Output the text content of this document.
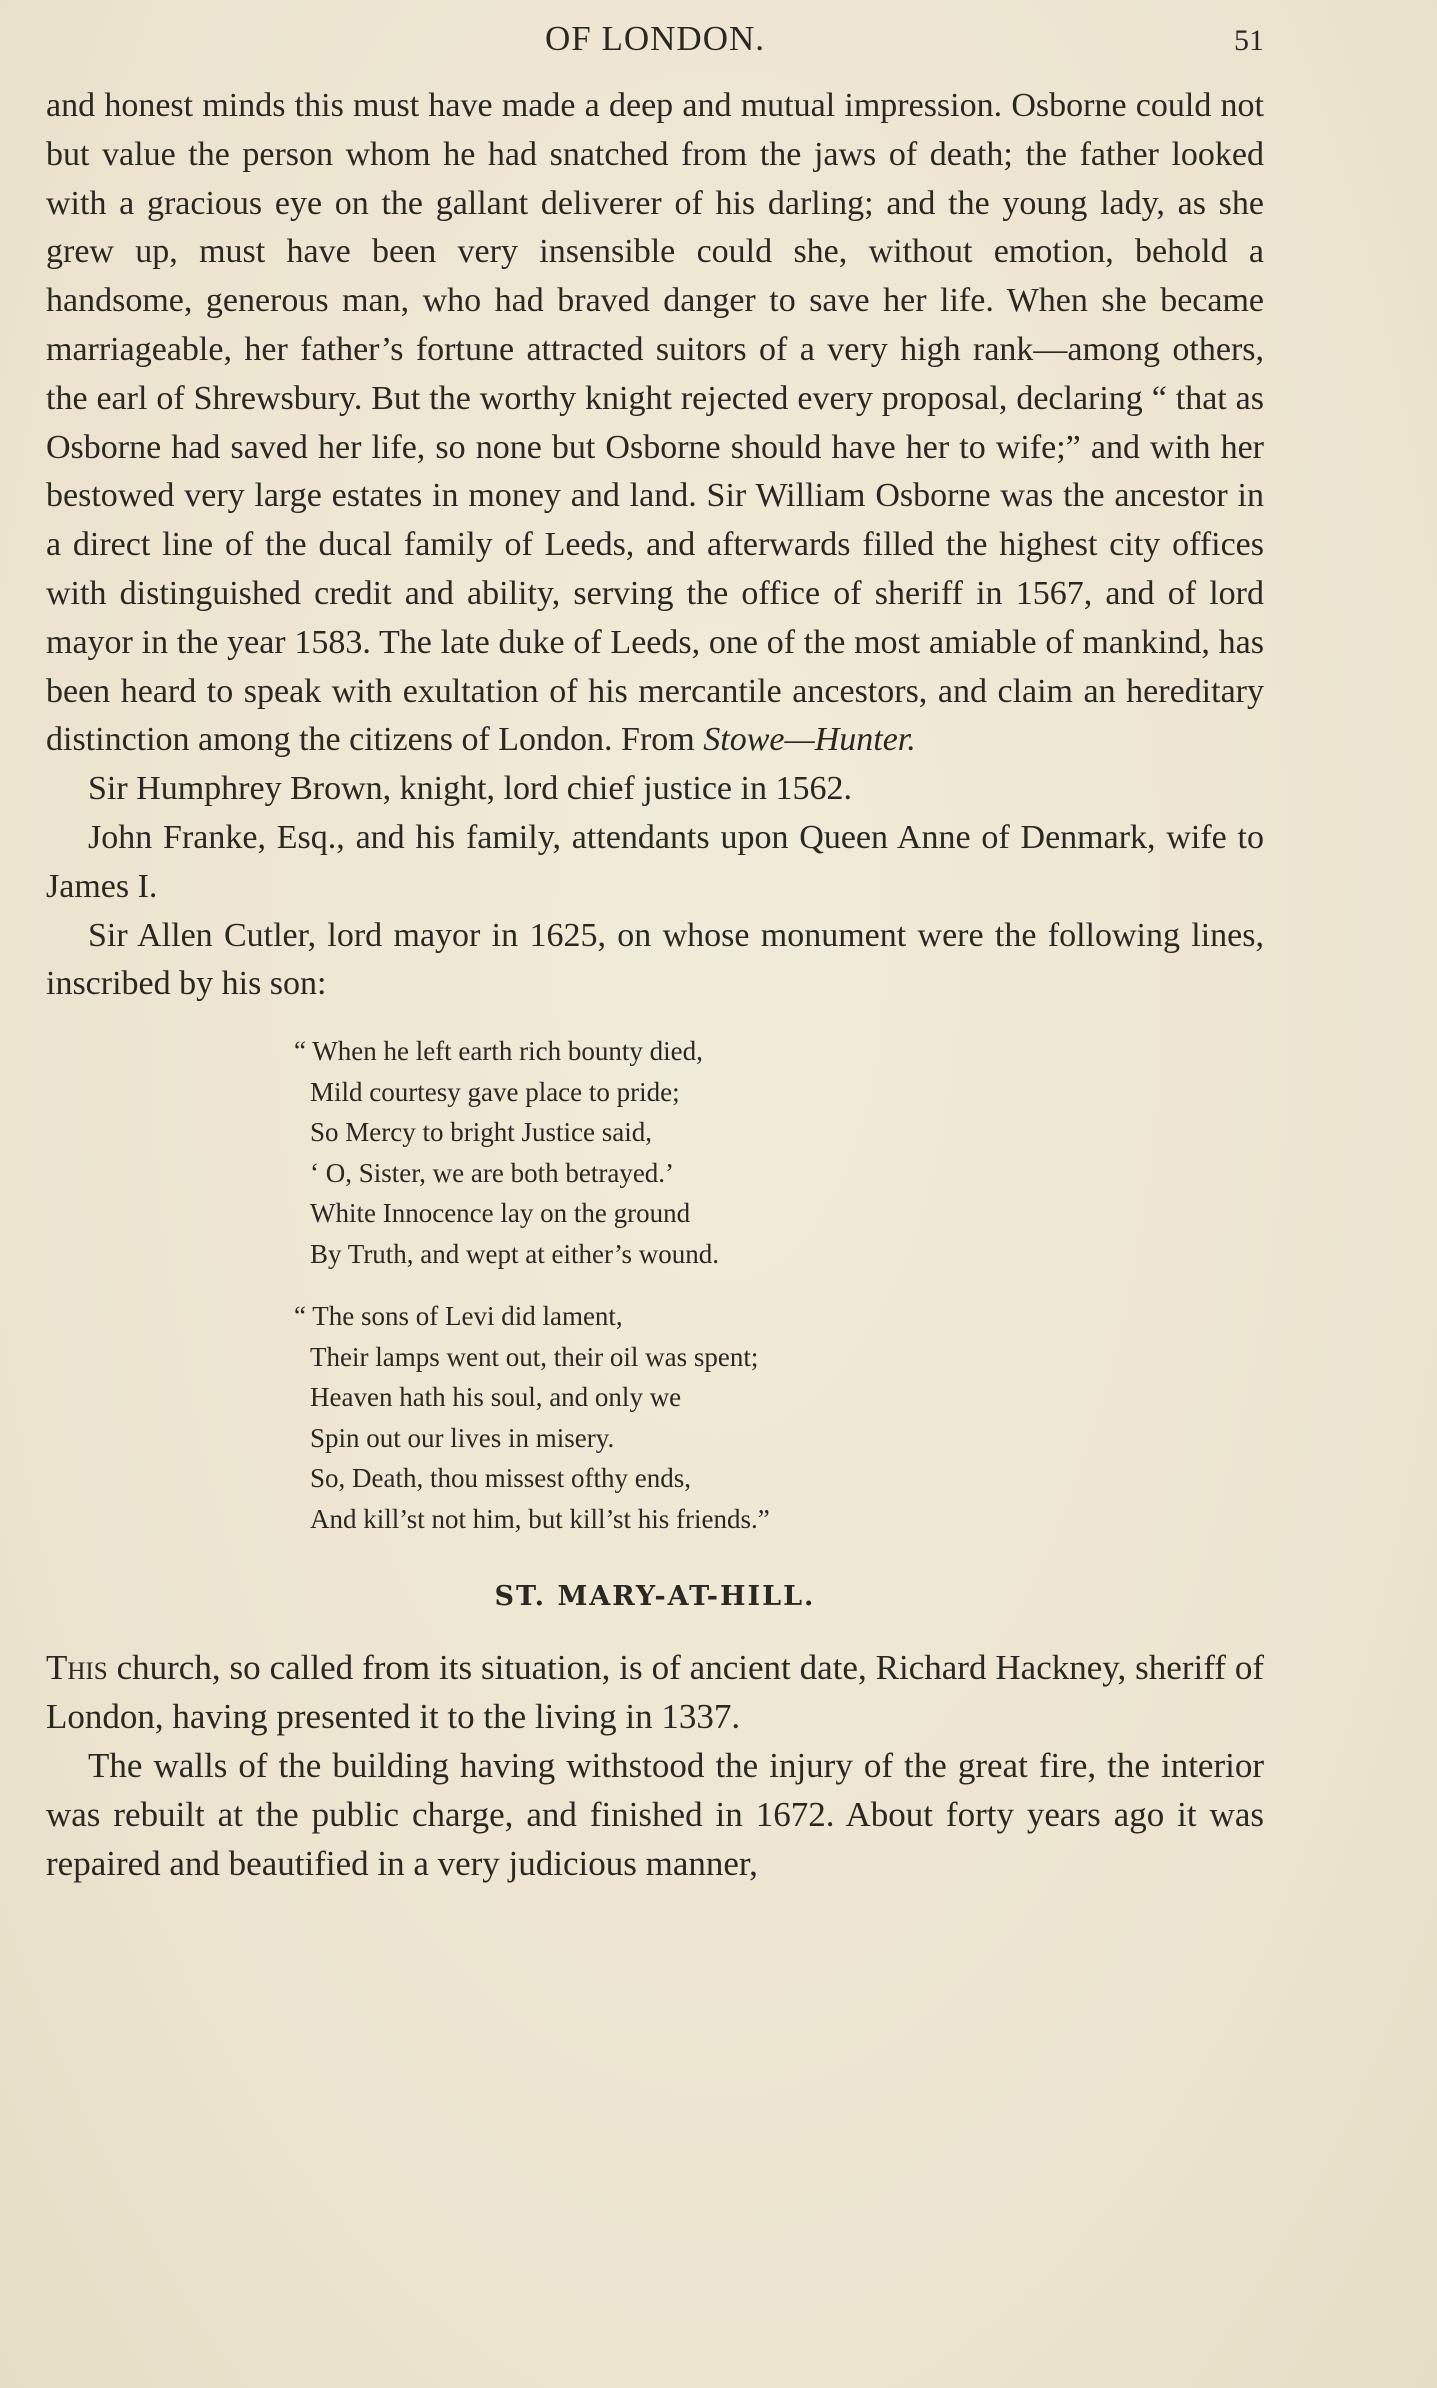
OF LONDON.	51

and honest minds this must have made a deep and mutual impression. Osborne could not but value the person whom he had snatched from the jaws of death; the father looked with a gracious eye on the gallant deliverer of his darling; and the young lady, as she grew up, must have been very insensible could she, without emotion, behold a handsome, generous man, who had braved danger to save her life. When she became marriageable, her father’s fortune attracted suitors of a very high rank—among others, the earl of Shrewsbury. But the worthy knight rejected every proposal, declaring “ that as Osborne had saved her life, so none but Osborne should have her to wife;” and with her bestowed very large estates in money and land. Sir William Osborne was the ancestor in a direct line of the ducal family of Leeds, and afterwards filled the highest city offices with distinguished credit and ability, serving the office of sheriff in 1567, and of lord mayor in the year 1583. The late duke of Leeds, one of the most amiable of mankind, has been heard to speak with exultation of his mercantile ancestors, and claim an hereditary distinction among the citizens of London. From Stowe—Hunter.

Sir Humphrey Brown, knight, lord chief justice in 1562.

John Franke, Esq., and his family, attendants upon Queen Anne of Denmark, wife to James I.

Sir Allen Cutler, lord mayor in 1625, on whose monument were the following lines, inscribed by his son:

“ When he left earth rich bounty died,
Mild courtesy gave place to pride;
So Mercy to bright Justice said,
‘ O, Sister, we are both betrayed.’
White Innocence lay on the ground
By Truth, and wept at either’s wound.
“ The sons of Levi did lament,
Their lamps went out, their oil was spent;
Heaven hath his soul, and only we
Spin out our lives in misery.
So, Death, thou missest ofthy ends,
And kill’st not him, but kill’st his friends.”
ST. MARY-AT-HILL.

This church, so called from its situation, is of ancient date, Richard Hackney, sheriff of London, having presented it to the living in 1337.

The walls of the building having withstood the injury of the great fire, the interior was rebuilt at the public charge, and finished in 1672. About forty years ago it was repaired and beautified in a very judicious manner,
